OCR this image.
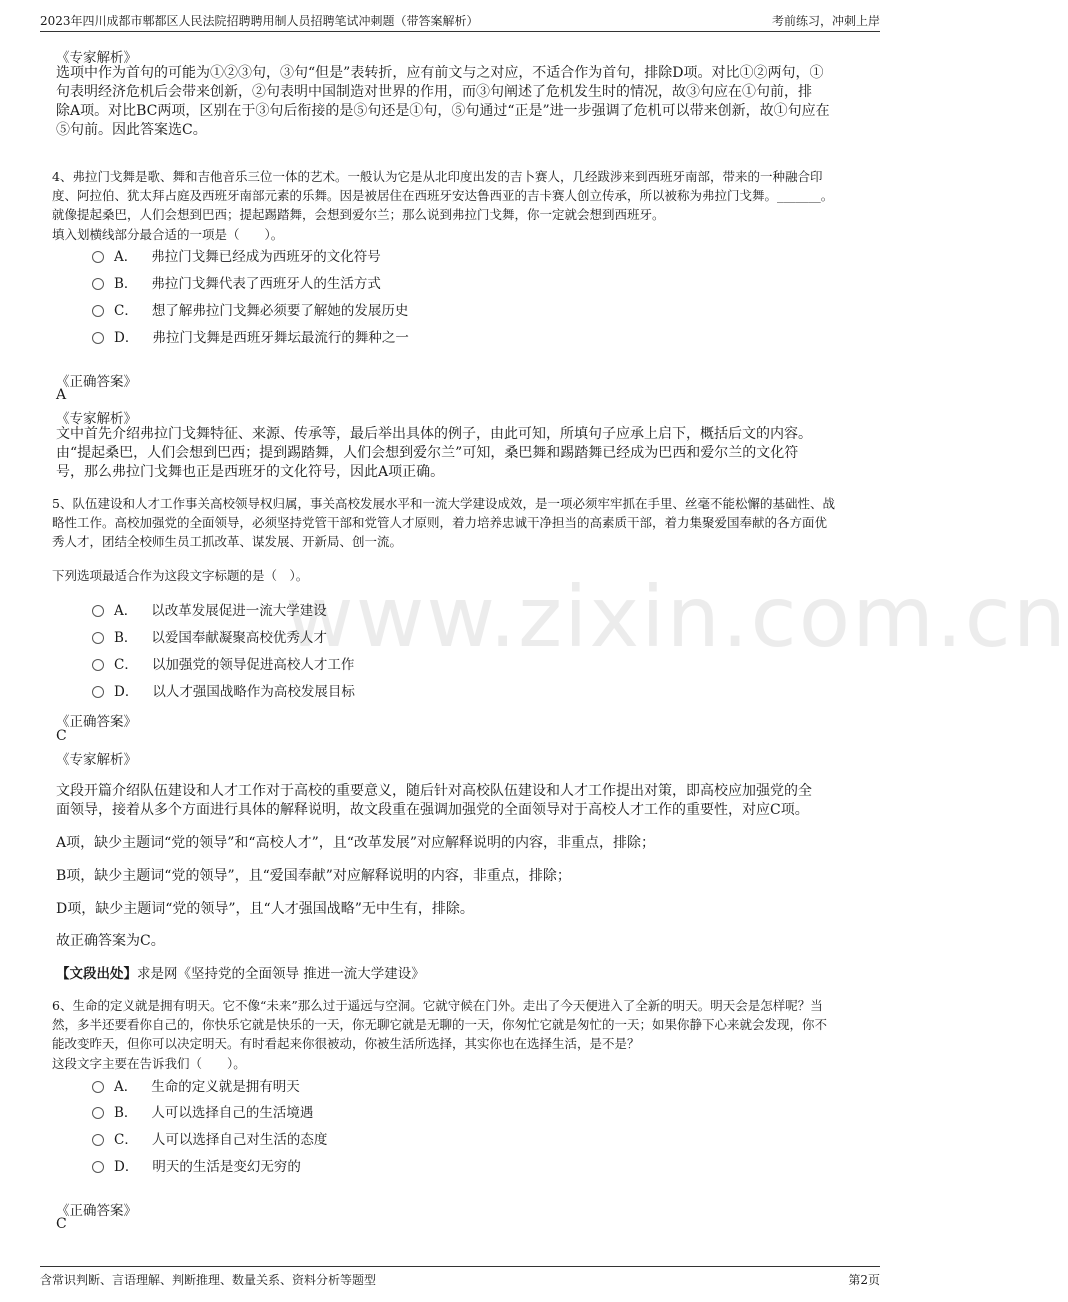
2023年四川成都市郫都区人民法院招聘聘用制人员招聘笔试冲刺题（带答案解析）	考前练习，冲刺上岸
www.zixin.com.cn
《专家解析》
选项中作为首句的可能为①②③句，③句“但是”表转折，应有前文与之对应，不适合作为首句，排除D项。对比①②两句，①
句表明经济危机后会带来创新，②句表明中国制造对世界的作用，而③句阐述了危机发生时的情况，故③句应在①句前，排
除A项。对比BC两项，区别在于③句后衔接的是⑤句还是①句，⑤句通过“正是”进一步强调了危机可以带来创新，故①句应在
⑤句前。因此答案选C。
4、弗拉门戈舞是歌、舞和吉他音乐三位一体的艺术。一般认为它是从北印度出发的吉卜赛人，几经跋涉来到西班牙南部，带来的一种融合印
度、阿拉伯、犹太拜占庭及西班牙南部元素的乐舞。因是被居住在西班牙安达鲁西亚的吉卡赛人创立传承，所以被称为弗拉门戈舞。_______。
就像提起桑巴，人们会想到巴西；提起踢踏舞，会想到爱尔兰；那么说到弗拉门戈舞，你一定就会想到西班牙。
填入划横线部分最合适的一项是（　　）。
A． 弗拉门戈舞已经成为西班牙的文化符号
B． 弗拉门戈舞代表了西班牙人的生活方式
C． 想了解弗拉门戈舞必须要了解她的发展历史
D． 弗拉门戈舞是西班牙舞坛最流行的舞种之一
《正确答案》
A
《专家解析》
文中首先介绍弗拉门戈舞特征、来源、传承等，最后举出具体的例子，由此可知，所填句子应承上启下，概括后文的内容。
由“提起桑巴，人们会想到巴西；提到踢踏舞，人们会想到爱尔兰”可知，桑巴舞和踢踏舞已经成为巴西和爱尔兰的文化符
号，那么弗拉门戈舞也正是西班牙的文化符号，因此A项正确。
5、队伍建设和人才工作事关高校领导权归属，事关高校发展水平和一流大学建设成效，是一项必须牢牢抓在手里、丝毫不能松懈的基础性、战
略性工作。高校加强党的全面领导，必须坚持党管干部和党管人才原则，着力培养忠诚干净担当的高素质干部，着力集聚爱国奉献的各方面优
秀人才，团结全校师生员工抓改革、谋发展、开新局、创一流。
下列选项最适合作为这段文字标题的是（　）。
A． 以改革发展促进一流大学建设
B． 以爱国奉献凝聚高校优秀人才
C． 以加强党的领导促进高校人才工作
D． 以人才强国战略作为高校发展目标
《正确答案》
C
《专家解析》
文段开篇介绍队伍建设和人才工作对于高校的重要意义，随后针对高校队伍建设和人才工作提出对策，即高校应加强党的全
面领导，接着从多个方面进行具体的解释说明，故文段重在强调加强党的全面领导对于高校人才工作的重要性，对应C项。
A项，缺少主题词“党的领导”和“高校人才”，且“改革发展”对应解释说明的内容，非重点，排除；
B项，缺少主题词“党的领导”，且“爱国奉献”对应解释说明的内容，非重点，排除；
D项，缺少主题词“党的领导”，且“人才强国战略”无中生有，排除。
故正确答案为C。
【文段出处】求是网《坚持党的全面领导 推进一流大学建设》
6、生命的定义就是拥有明天。它不像“未来”那么过于遥远与空洞。它就守候在门外。走出了今天便进入了全新的明天。明天会是怎样呢？当
然，多半还要看你自己的，你快乐它就是快乐的一天，你无聊它就是无聊的一天，你匆忙它就是匆忙的一天；如果你静下心来就会发现，你不
能改变昨天，但你可以决定明天。有时看起来你很被动，你被生活所选择，其实你也在选择生活，是不是？
这段文字主要在告诉我们（　　）。
A． 生命的定义就是拥有明天
B． 人可以选择自己的生活境遇
C． 人可以选择自己对生活的态度
D． 明天的生活是变幻无穷的
《正确答案》
C
含常识判断、言语理解、判断推理、数量关系、资料分析等题型	第2页
